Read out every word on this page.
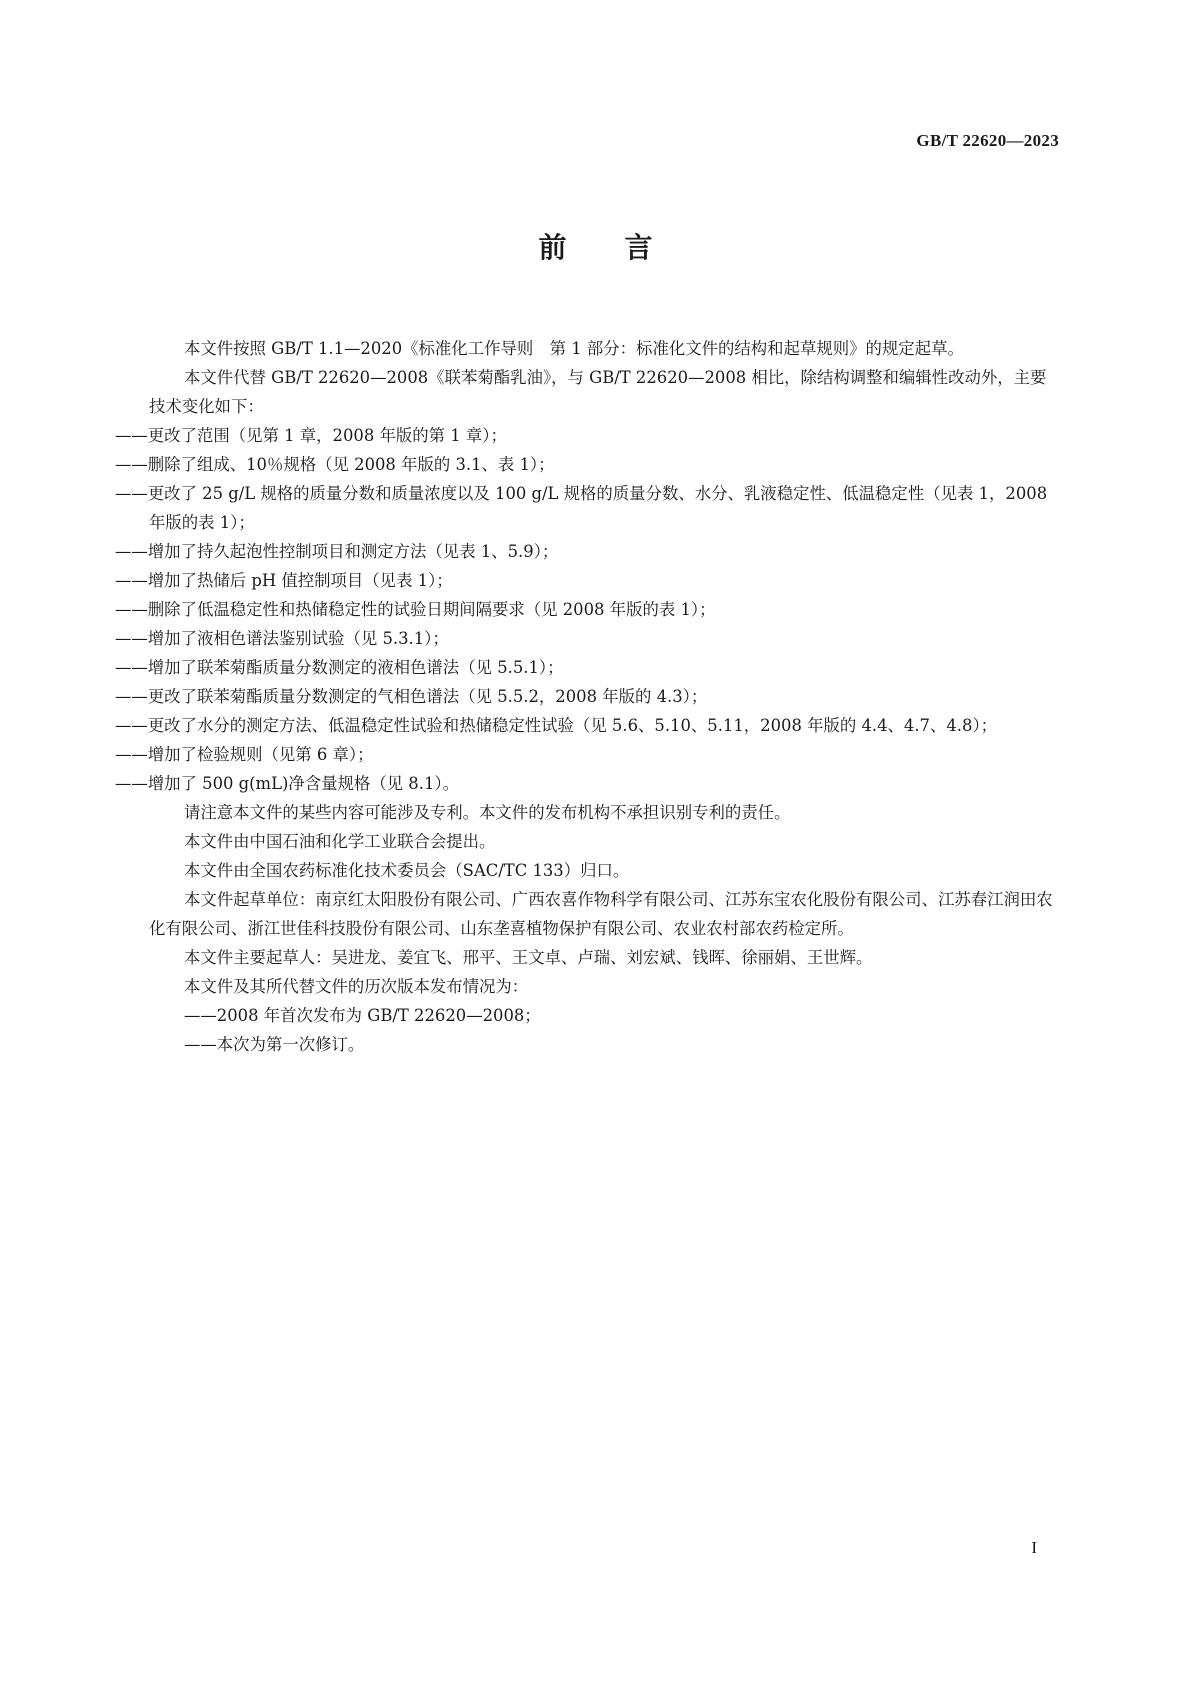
GB/T 22620—2023
前言

本文件按照 GB/T 1.1—2020《标准化工作导则　第 1 部分：标准化文件的结构和起草规则》的规定起草。

本文件代替 GB/T 22620—2008《联苯菊酯乳油》，与 GB/T 22620—2008 相比，除结构调整和编辑性改动外，主要技术变化如下：

——更改了范围（见第 1 章，2008 年版的第 1 章）；

——删除了组成、10％规格（见 2008 年版的 3.1、表 1）；

——更改了 25 g/L 规格的质量分数和质量浓度以及 100 g/L 规格的质量分数、水分、乳液稳定性、低温稳定性（见表 1，2008 年版的表 1）；

——增加了持久起泡性控制项目和测定方法（见表 1、5.9）；

——增加了热储后 pH 值控制项目（见表 1）；

——删除了低温稳定性和热储稳定性的试验日期间隔要求（见 2008 年版的表 1）；

——增加了液相色谱法鉴别试验（见 5.3.1）；

——增加了联苯菊酯质量分数测定的液相色谱法（见 5.5.1）；

——更改了联苯菊酯质量分数测定的气相色谱法（见 5.5.2，2008 年版的 4.3）；

——更改了水分的测定方法、低温稳定性试验和热储稳定性试验（见 5.6、5.10、5.11，2008 年版的 4.4、4.7、4.8）；

——增加了检验规则（见第 6 章）；

——增加了 500 g(mL)净含量规格（见 8.1）。

请注意本文件的某些内容可能涉及专利。本文件的发布机构不承担识别专利的责任。

本文件由中国石油和化学工业联合会提出。

本文件由全国农药标准化技术委员会（SAC/TC 133）归口。

本文件起草单位：南京红太阳股份有限公司、广西农喜作物科学有限公司、江苏东宝农化股份有限公司、江苏春江润田农化有限公司、浙江世佳科技股份有限公司、山东垄喜植物保护有限公司、农业农村部农药检定所。

本文件主要起草人：吴进龙、姜宜飞、邢平、王文卓、卢瑞、刘宏斌、钱晖、徐丽娟、王世辉。

本文件及其所代替文件的历次版本发布情况为：

——2008 年首次发布为 GB/T 22620—2008；

——本次为第一次修订。

I
